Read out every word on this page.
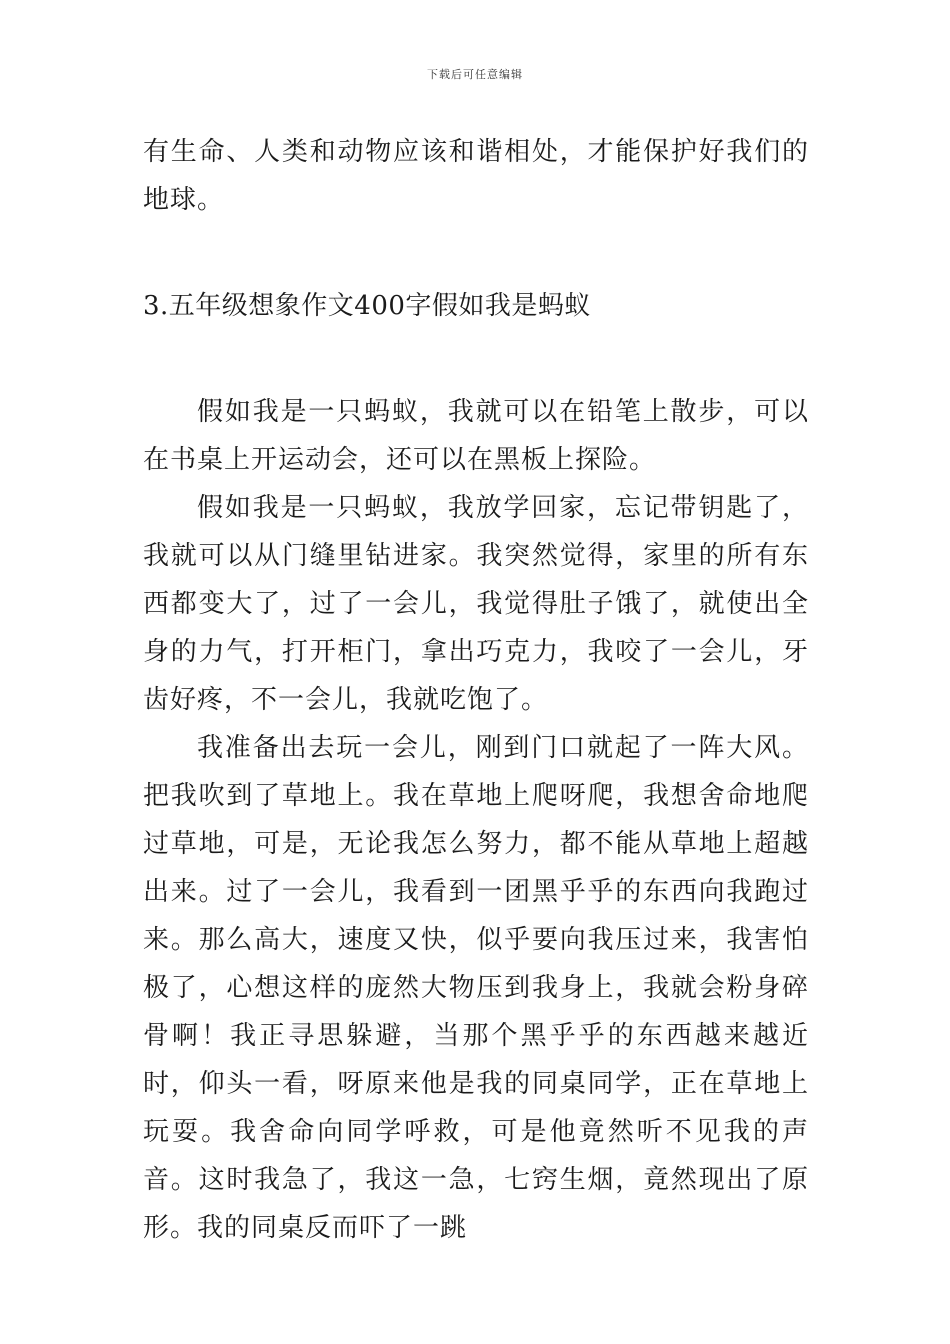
下载后可任意编辑

有生命、人类和动物应该和谐相处，才能保护好我们的地球。

3.五年级想象作文400字假如我是蚂蚁

假如我是一只蚂蚁，我就可以在铅笔上散步，可以在书桌上开运动会，还可以在黑板上探险。

假如我是一只蚂蚁，我放学回家，忘记带钥匙了，我就可以从门缝里钻进家。我突然觉得，家里的所有东西都变大了，过了一会儿，我觉得肚子饿了，就使出全身的力气，打开柜门，拿出巧克力，我咬了一会儿，牙齿好疼，不一会儿，我就吃饱了。

我准备出去玩一会儿，刚到门口就起了一阵大风。把我吹到了草地上。我在草地上爬呀爬，我想舍命地爬过草地，可是，无论我怎么努力，都不能从草地上超越出来。过了一会儿，我看到一团黑乎乎的东西向我跑过来。那么高大，速度又快，似乎要向我压过来，我害怕极了，心想这样的庞然大物压到我身上，我就会粉身碎骨啊！我正寻思躲避，当那个黑乎乎的东西越来越近时，仰头一看，呀原来他是我的同桌同学，正在草地上玩耍。我舍命向同学呼救，可是他竟然听不见我的声音。这时我急了，我这一急，七窍生烟，竟然现出了原形。我的同桌反而吓了一跳
